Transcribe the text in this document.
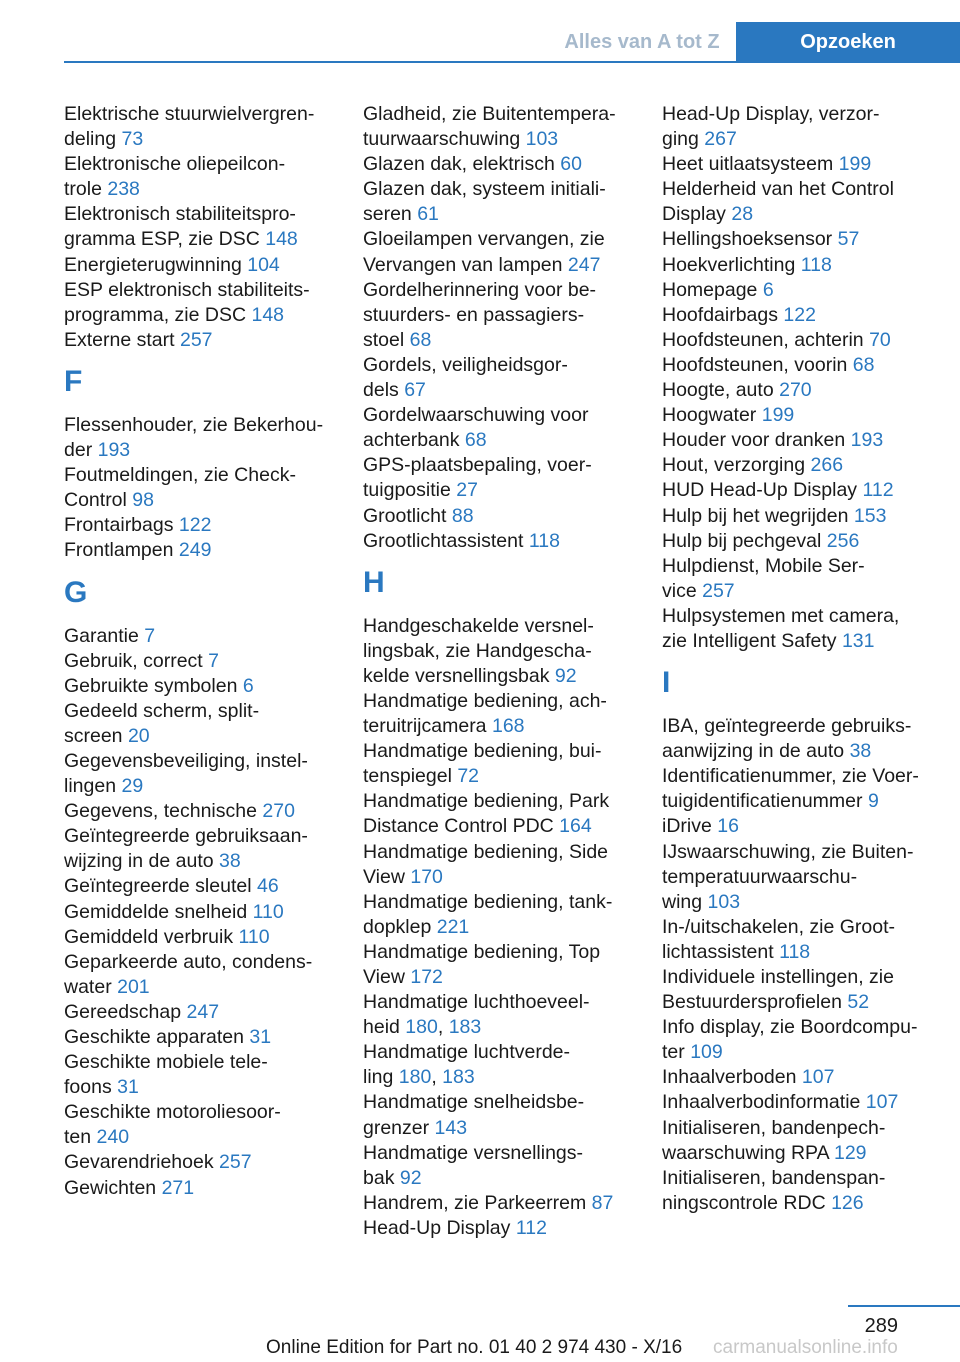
Alles van A tot Z	Opzoeken
Elektrische stuurwielvergren-
deling 73
Elektronische oliepeilcon-
trole 238
Elektronisch stabiliteitspro-
gramma ESP, zie DSC 148
Energieterugwinning 104
ESP elektronisch stabiliteits-
programma, zie DSC 148
Externe start 257
F
Flessenhouder, zie Bekerhou-
der 193
Foutmeldingen, zie Check-
Control 98
Frontairbags 122
Frontlampen 249
G
Garantie 7
Gebruik, correct 7
Gebruikte symbolen 6
Gedeeld scherm, split-
screen 20
Gegevensbeveiliging, instel-
lingen 29
Gegevens, technische 270
Geïntegreerde gebruiksaan-
wijzing in de auto 38
Geïntegreerde sleutel 46
Gemiddelde snelheid 110
Gemiddeld verbruik 110
Geparkeerde auto, condens-
water 201
Gereedschap 247
Geschikte apparaten 31
Geschikte mobiele tele-
foons 31
Geschikte motoroliesoor-
ten 240
Gevarendriehoek 257
Gewichten 271
Gladheid, zie Buitentempera-
tuurwaarschuwing 103
Glazen dak, elektrisch 60
Glazen dak, systeem initiali-
seren 61
Gloeilampen vervangen, zie
Vervangen van lampen 247
Gordelherinnering voor be-
stuurders- en passagiers-
stoel 68
Gordels, veiligheidsgor-
dels 67
Gordelwaarschuwing voor
achterbank 68
GPS-plaatsbepaling, voer-
tuigpositie 27
Grootlicht 88
Grootlichtassistent 118
H
Handgeschakelde versnel-
lingsbak, zie Handgescha-
kelde versnellingsbak 92
Handmatige bediening, ach-
teruitrijcamera 168
Handmatige bediening, bui-
tenspiegel 72
Handmatige bediening, Park
Distance Control PDC 164
Handmatige bediening, Side
View 170
Handmatige bediening, tank-
dopklep 221
Handmatige bediening, Top
View 172
Handmatige luchthoeveel-
heid 180, 183
Handmatige luchtverde-
ling 180, 183
Handmatige snelheidsbe-
grenzer 143
Handmatige versnellings-
bak 92
Handrem, zie Parkeerrem 87
Head-Up Display 112
Head-Up Display, verzor-
ging 267
Heet uitlaatsysteem 199
Helderheid van het Control
Display 28
Hellingshoeksensor 57
Hoekverlichting 118
Homepage 6
Hoofdairbags 122
Hoofdsteunen, achterin 70
Hoofdsteunen, voorin 68
Hoogte, auto 270
Hoogwater 199
Houder voor dranken 193
Hout, verzorging 266
HUD Head-Up Display 112
Hulp bij het wegrijden 153
Hulp bij pechgeval 256
Hulpdienst, Mobile Ser-
vice 257
Hulpsystemen met camera,
zie Intelligent Safety 131
I
IBA, geïntegreerde gebruiks-
aanwijzing in de auto 38
Identificatienummer, zie Voer-
tuigidentificatienummer 9
iDrive 16
IJswaarschuwing, zie Buiten-
temperatuurwaarschu-
wing 103
In-/uitschakelen, zie Groot-
lichtassistent 118
Individuele instellingen, zie
Bestuurdersprofielen 52
Info display, zie Boordcompu-
ter 109
Inhaalverboden 107
Inhaalverbodinformatie 107
Initialiseren, bandenpech-
waarschuwing RPA 129
Initialiseren, bandenspan-
ningscontrole RDC 126
289
Online Edition for Part no. 01 40 2 974 430 - X/16 carmanualsonline.info
